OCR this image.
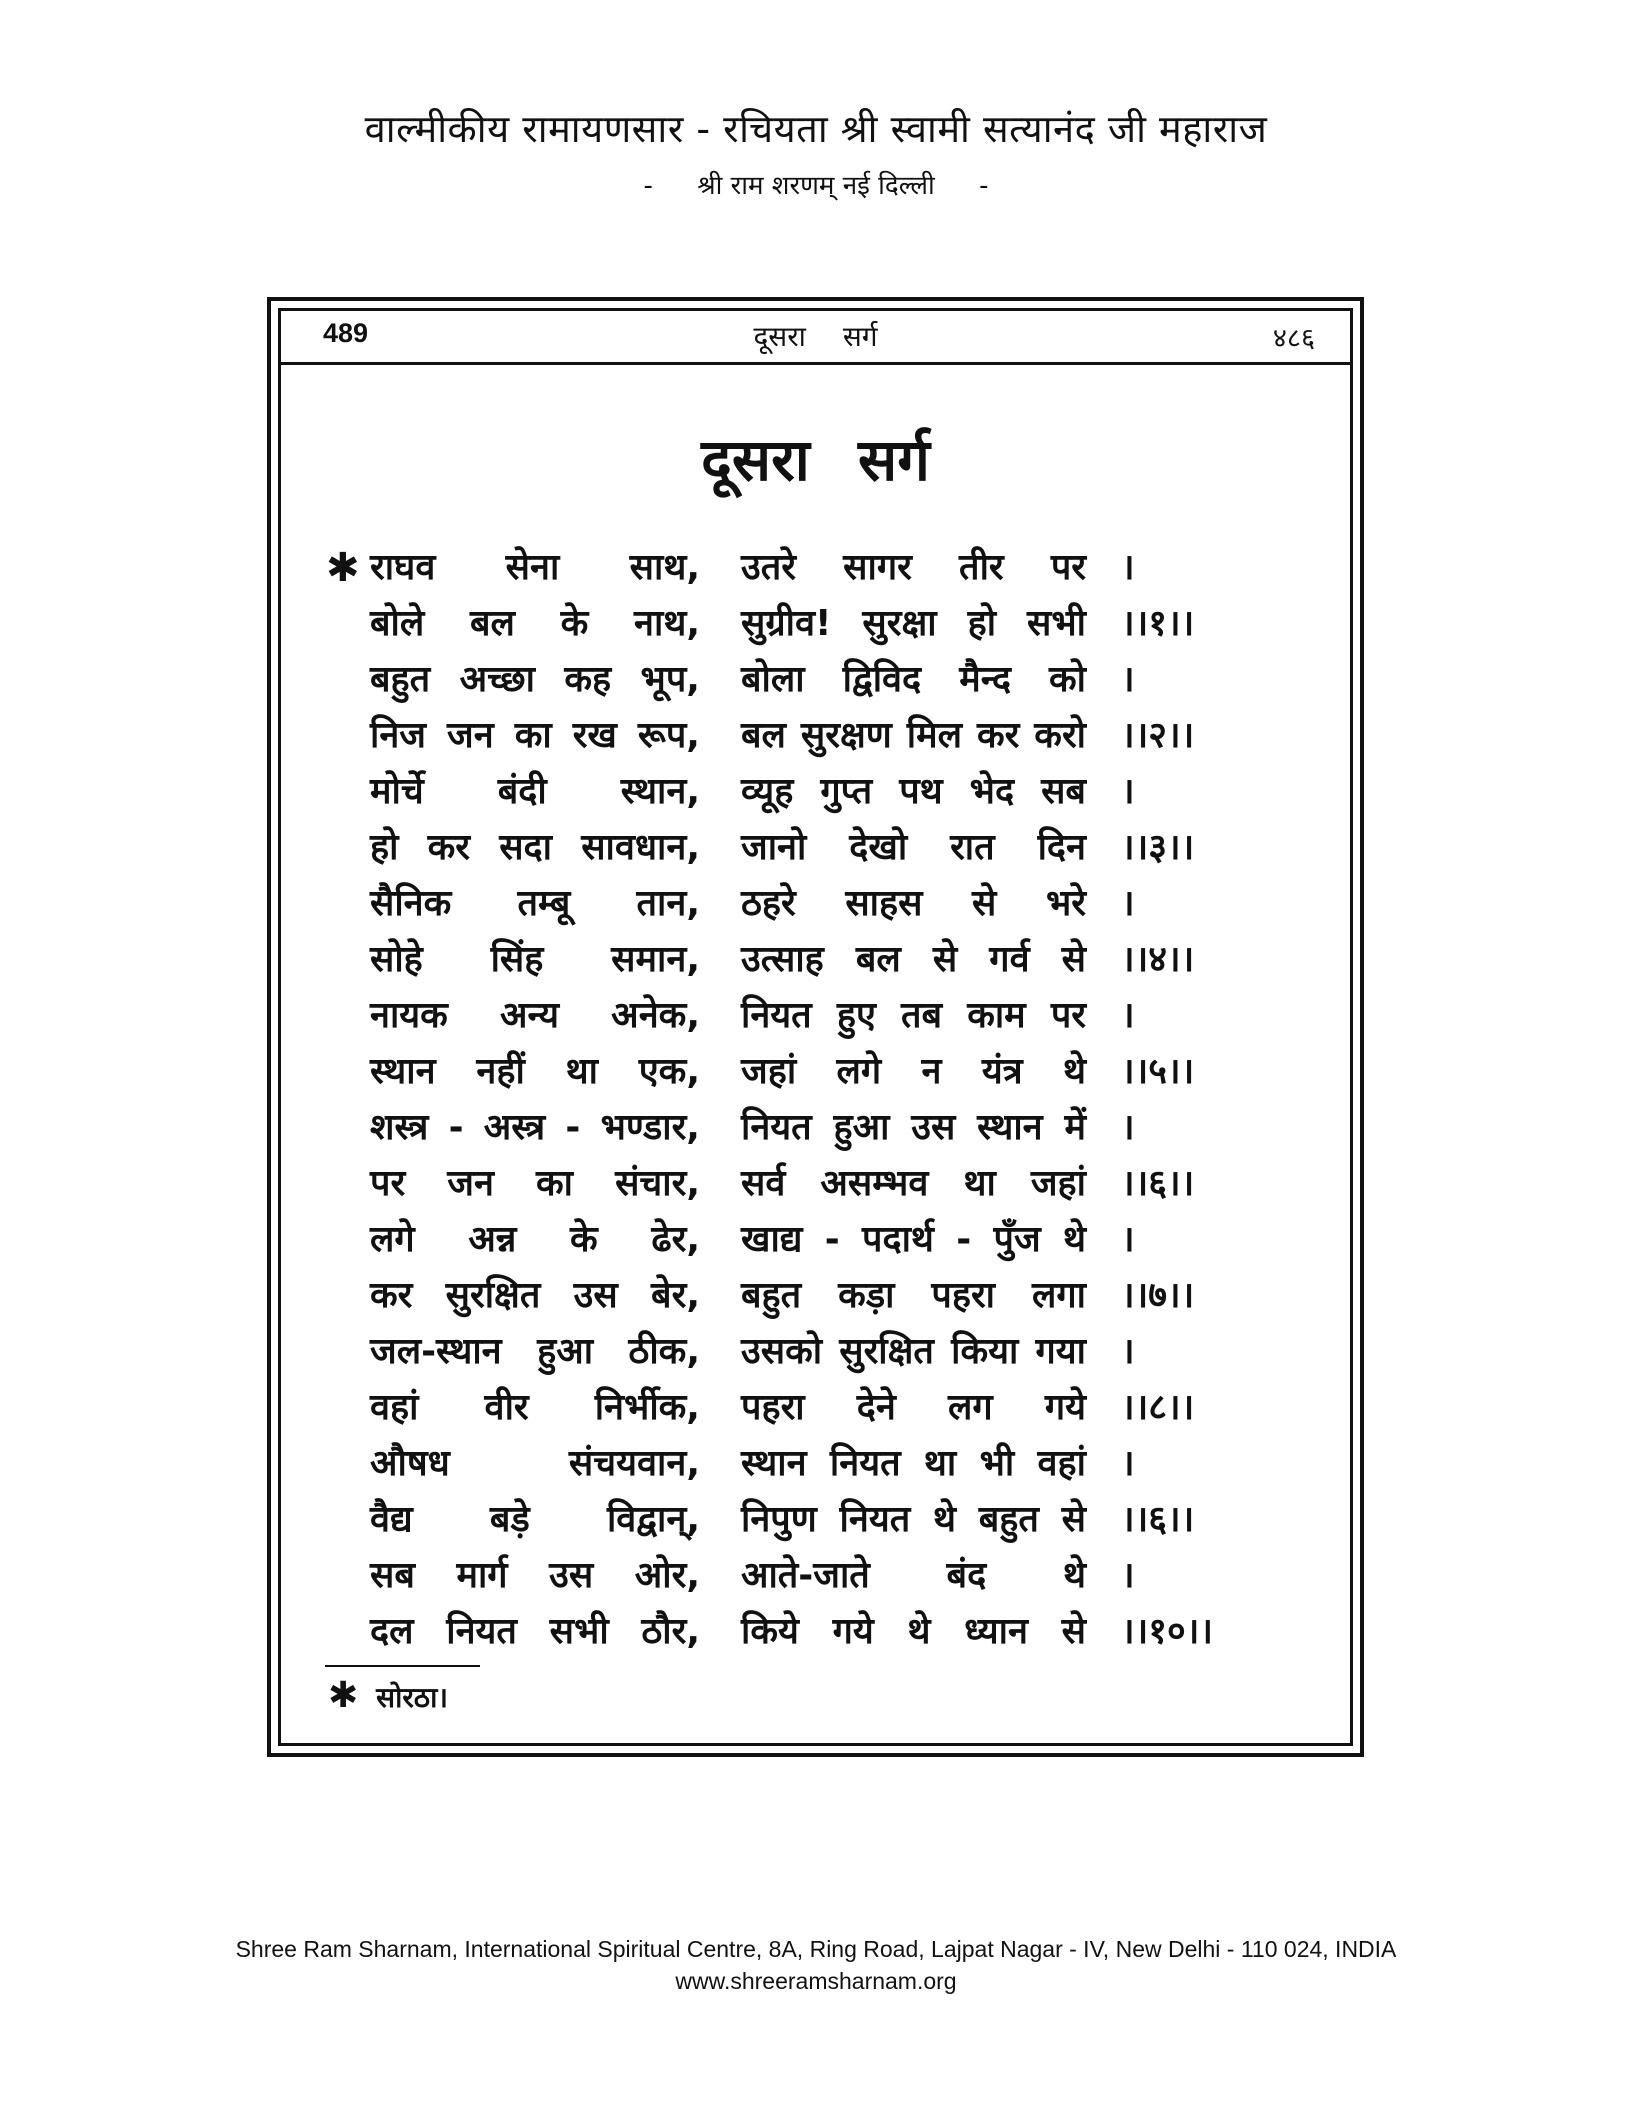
वाल्मीकीय रामायणसार - रचियता श्री स्वामी सत्यानंद जी महाराज
- श्री राम शरणम् नई दिल्ली -
489	दूसरा सर्ग	४८६
दूसरा सर्ग
✱ राघव सेना साथ, उतरे सागर तीर पर ।
बोले बल के नाथ, सुग्रीव! सुरक्षा हो सभी ।।१।।
बहुत अच्छा कह भूप, बोला द्विविद मैन्द को ।
निज जन का रख रूप, बल सुरक्षण मिल कर करो ।।२।।
मोर्चे बंदी स्थान, व्यूह गुप्त पथ भेद सब ।
हो कर सदा सावधान, जानो देखो रात दिन ।।३।।
सैनिक तम्बू तान, ठहरे साहस से भरे ।
सोहे सिंह समान, उत्साह बल से गर्व से ।।४।।
नायक अन्य अनेक, नियत हुए तब काम पर ।
स्थान नहीं था एक, जहां लगे न यंत्र थे ।।५।।
शस्त्र - अस्त्र - भण्डार, नियत हुआ उस स्थान में ।
पर जन का संचार, सर्व असम्भव था जहां ।।६।।
लगे अन्न के ढेर, खाद्य - पदार्थ - पुँज थे ।
कर सुरक्षित उस बेर, बहुत कड़ा पहरा लगा ।।७।।
जल-स्थान हुआ ठीक, उसको सुरक्षित किया गया ।
वहां वीर निर्भीक, पहरा देने लग गये ।।८।।
औषध संचयवान, स्थान नियत था भी वहां ।
वैद्य बड़े विद्वान्, निपुण नियत थे बहुत से ।।६।।
सब मार्ग उस ओर, आते-जाते बंद थे ।
दल नियत सभी ठौर, किये गये थे ध्यान से ।।१०।।
✱ सोरठा।
Shree Ram Sharnam, International Spiritual Centre, 8A, Ring Road, Lajpat Nagar - IV, New Delhi - 110 024, INDIA
www.shreeramsharnam.org
